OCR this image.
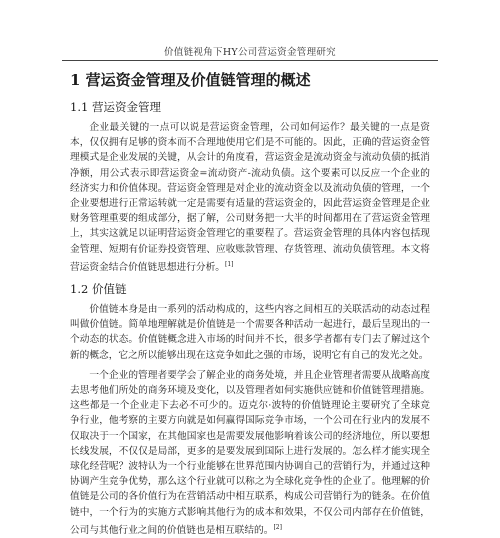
价值链视角下HY公司营运资金管理研究
1 营运资金管理及价值链管理的概述
1.1 营运资金管理

企业最关键的一点可以说是营运资金管理，公司如何运作？最关键的一点是资本，仅仅拥有足够的资本而不合理地使用它们是不可能的。因此，正确的营运资金管理模式是企业发展的关键，从会计的角度看，营运资金是流动资金与流动负债的抵消净额，用公式表示即营运资金=流动资产-流动负债。这个要素可以反应一个企业的经济实力和价值体现。营运资金管理是对企业的流动资金以及流动负债的管理，一个企业要想进行正常运转就一定是需要有适量的营运资金的，因此营运资金管理是企业财务管理重要的组成部分，据了解，公司财务把一大半的时间都用在了营运资金管理上，其实这就足以证明营运资金管理它的重要程了。营运资金管理的具体内容包括现金管理、短期有价证券投资管理、应收账款管理、存货管理、流动负债管理。本文将营运资金结合价值链思想进行分析。[1]

1.2 价值链

价值链本身是由一系列的活动构成的，这些内容之间相互的关联活动的动态过程叫做价值链。简单地理解就是价值链是一个需要各种活动一起进行，最后呈现出的一个动态的状态。价值链概念进入市场的时间并不长，很多学者都有专门去了解过这个新的概念，它之所以能够出现在这竞争如此之强的市场，说明它有自己的发光之处。

一个企业的管理者要学会了解企业的商务处境，并且企业管理者需要从战略高度去思考他们所处的商务环境及变化，以及管理者如何实施供应链和价值链管理措施。这些都是一个企业走下去必不可少的。迈克尔·波特的价值链理论主要研究了全球竞争行业，他考察的主要方向就是如何赢得国际竞争市场，一个公司在行业内的发展不仅取决于一个国家，在其他国家也是需要发展他影响着该公司的经济地位，所以要想长线发展，不仅仅是局部，更多的是要发展到国际上进行发展的。怎么样才能实现全球化经营呢？波特认为一个行业能够在世界范围内协调自己的营销行为，并通过这种协调产生竞争优势，那么这个行业就可以称之为全球化竞争性的企业了。他理解的价值链是公司的各价值行为在营销活动中相互联系，构成公司营销行为的链条。在价值链中，一个行为的实施方式影响其他行为的成本和效果，不仅公司内部存在价值链，公司与其他行业之间的价值链也是相互联结的。[2]
